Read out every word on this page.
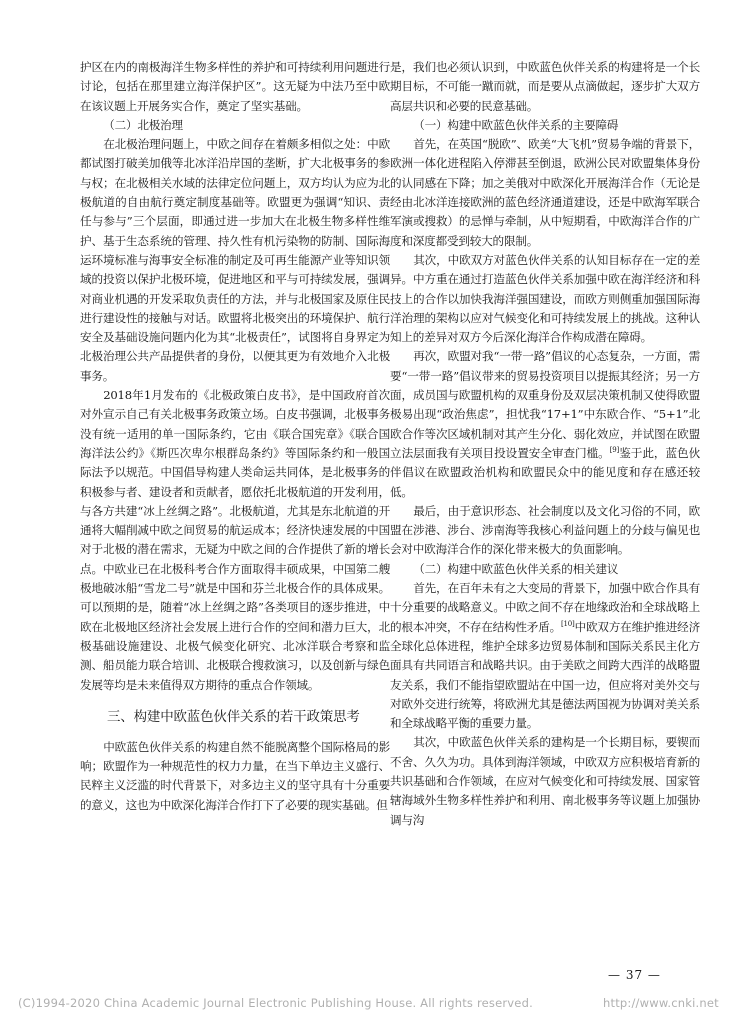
护区在内的南极海洋生物多样性的养护和可持续利用问题进行讨论，包括在那里建立海洋保护区”。这无疑为中法乃至中欧在该议题上开展务实合作，奠定了坚实基础。

（二）北极治理

在北极治理问题上，中欧之间存在着颇多相似之处：中欧都试图打破美加俄等北冰洋沿岸国的垄断，扩大北极事务的参与权；在北极相关水域的法律定位问题上，双方均认为应为北极航道的自由航行奠定制度基础等。欧盟更为强调“知识、责任与参与”三个层面，即通过进一步加大在北极生物多样性维护、基于生态系统的管理、持久性有机污染物的防制、国际海运环境标准与海事安全标准的制定及可再生能源产业等知识领域的投资以保护北极环境，促进地区和平与可持续发展，强调对商业机遇的开发采取负责任的方法，并与北极国家及原住民进行建设性的接触与对话。欧盟将北极突出的环境保护、航行安全及基础设施问题内化为其“北极责任”，试图将自身界定为北极治理公共产品提供者的身份，以便其更为有效地介入北极事务。

2018年1月发布的《北极政策白皮书》，是中国政府首次对外宣示自己有关北极事务政策立场。白皮书强调，北极事务没有统一适用的单一国际条约，它由《联合国宪章》《联合国海洋法公约》《斯匹次卑尔根群岛条约》等国际条约和一般国际法予以规范。中国倡导构建人类命运共同体，是北极事务的积极参与者、建设者和贡献者，愿依托北极航道的开发利用，与各方共建“冰上丝绸之路”。北极航道，尤其是东北航道的开通将大幅削减中欧之间贸易的航运成本；经济快速发展的中国对于北极的潜在需求，无疑为中欧之间的合作提供了新的增长点。中欧业已在北极科考合作方面取得丰硕成果，中国第二艘极地破冰船“雪龙二号”就是中国和芬兰北极合作的具体成果。可以预期的是，随着“冰上丝绸之路”各类项目的逐步推进，中欧在北极地区经济社会发展上进行合作的空间和潜力巨大，北极基础设施建设、北极气候变化研究、北冰洋联合考察和监测、船员能力联合培训、北极联合搜救演习，以及创新与绿色发展等均是未来值得双方期待的重点合作领域。

三、构建中欧蓝色伙伴关系的若干政策思考

中欧蓝色伙伴关系的构建自然不能脱离整个国际格局的影响；欧盟作为一种规范性的权力力量，在当下单边主义盛行、民粹主义泛滥的时代背景下，对多边主义的坚守具有十分重要的意义，这也为中欧深化海洋合作打下了必要的现实基础。但

是，我们也必须认识到，中欧蓝色伙伴关系的构建将是一个长期目标，不可能一蹴而就，而是要从点滴做起，逐步扩大双方高层共识和必要的民意基础。

（一）构建中欧蓝色伙伴关系的主要障碍

首先，在英国“脱欧”、欧美“大飞机”贸易争端的背景下，欧洲一体化进程陷入停滞甚至倒退，欧洲公民对欧盟集体身份的认同感在下降；加之美俄对中欧深化开展海洋合作（无论是经由北冰洋连接欧洲的蓝色经济通道建设，还是中欧海军联合军演或搜救）的忌惮与牵制，从中短期看，中欧海洋合作的广度和深度都受到较大的限制。

其次，中欧双方对蓝色伙伴关系的认知目标存在一定的差异。中方重在通过打造蓝色伙伴关系加强中欧在海洋经济和科技上的合作以加快我海洋强国建设，而欧方则侧重加强国际海洋治理的架构以应对气候变化和可持续发展上的挑战。这种认知上的差异对双方今后深化海洋合作构成潜在障碍。

再次，欧盟对我“一带一路”倡议的心态复杂，一方面，需要“一带一路”倡议带来的贸易投资项目以提振其经济；另一方面，成员国与欧盟机构的双重身份及双层决策机制又使得欧盟极易出现“政治焦虑”，担忧我“17+1”中东欧合作、“5+1”北欧合作等次区域机制对其产生分化、弱化效应，并试图在欧盟立法层面我有关项目投设置安全审查门槛。[9]鉴于此，蓝色伙伴倡议在欧盟政治机构和欧盟民众中的能见度和存在感还较低。

最后，由于意识形态、社会制度以及文化习俗的不同，欧盟在涉港、涉台、涉南海等我核心利益问题上的分歧与偏见也会对中欧海洋合作的深化带来极大的负面影响。

（二）构建中欧蓝色伙伴关系的相关建议

首先，在百年未有之大变局的背景下，加强中欧合作具有十分重要的战略意义。中欧之间不存在地缘政治和全球战略上的根本冲突，不存在结构性矛盾。[10]中欧双方在维护推进经济全球化总体进程，维护全球多边贸易体制和国际关系民主化方面具有共同语言和战略共识。由于美欧之间跨大西洋的战略盟友关系，我们不能指望欧盟站在中国一边，但应将对美外交与对欧外交进行统筹，将欧洲尤其是德法两国视为协调对美关系和全球战略平衡的重要力量。

其次，中欧蓝色伙伴关系的建构是一个长期目标，要锲而不舍、久久为功。具体到海洋领域，中欧双方应积极培育新的共识基础和合作领域，在应对气候变化和可持续发展、国家管辖海域外生物多样性养护和利用、南北极事务等议题上加强协调与沟

— 37 —
(C)1994-2020 China Academic Journal Electronic Publishing House. All rights reserved.	http://www.cnki.net
